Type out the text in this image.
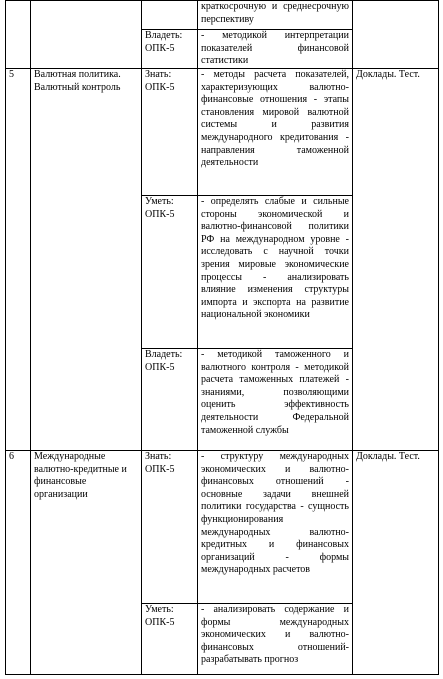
			краткосрочную и среднесрочную перспективу	

		Владеть: ОПК-5	- методикой интерпретации показателей финансовой статистики	

5	Валютная политика. Валютный контроль	Знать: ОПК-5	- методы расчета показателей, характеризующих валютно-финансовые отношения - этапы становления мировой валютной системы и развития международного кредитования - направления таможенной деятельности	Доклады. Тест.
		Уметь: ОПК-5	- определять слабые и сильные стороны экономической и валютно-финансовой политики РФ на международном уровне - исследовать с научной точки зрения мировые экономические процессы - анализировать влияние изменения структуры импорта и экспорта на развитие национальной экономики	

		Владеть: ОПК-5	- методикой таможенного и валютного контроля - методикой расчета таможенных платежей - знаниями, позволяющими оценить эффективность деятельности Федеральной таможенной службы	

6	Международные валютно-кредитные и финансовые организации	Знать: ОПК-5	- структуру международных экономических и валютно-финансовых отношений - основные задачи внешней политики государства - сущность функционирования международных валютно-кредитных и финансовых организаций - формы международных расчетов	Доклады. Тест.
		Уметь: ОПК-5	- анализировать содержание и формы международных экономических и валютно-финансовых отношений- разрабатывать прогноз	
